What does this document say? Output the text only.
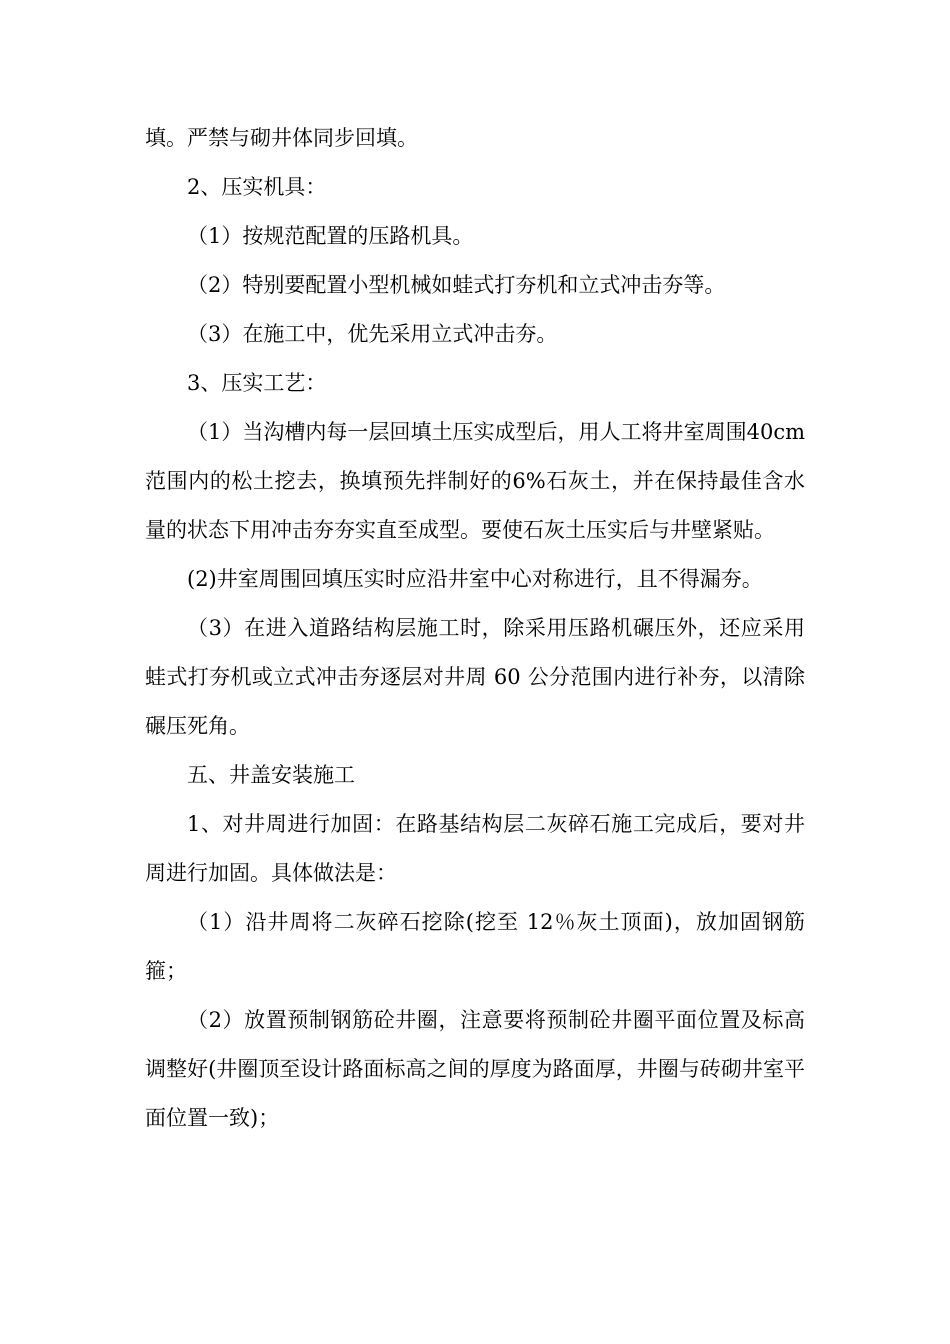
填。严禁与砌井体同步回填。

2、压实机具：

（1）按规范配置的压路机具。

（2）特别要配置小型机械如蛙式打夯机和立式冲击夯等。

（3）在施工中，优先采用立式冲击夯。

3、压实工艺：

（1）当沟槽内每一层回填土压实成型后，用人工将井室周围40cm范围内的松土挖去，换填预先拌制好的6%石灰土，并在保持最佳含水量的状态下用冲击夯夯实直至成型。要使石灰土压实后与井壁紧贴。

(2)井室周围回填压实时应沿井室中心对称进行，且不得漏夯。

（3）在进入道路结构层施工时，除采用压路机碾压外，还应采用蛙式打夯机或立式冲击夯逐层对井周 60 公分范围内进行补夯，以清除碾压死角。

五、井盖安装施工

1、对井周进行加固：在路基结构层二灰碎石施工完成后，要对井周进行加固。具体做法是：

（1）沿井周将二灰碎石挖除(挖至 12％灰土顶面)，放加固钢筋箍；

（2）放置预制钢筋砼井圈，注意要将预制砼井圈平面位置及标高调整好(井圈顶至设计路面标高之间的厚度为路面厚，井圈与砖砌井室平面位置一致)；
